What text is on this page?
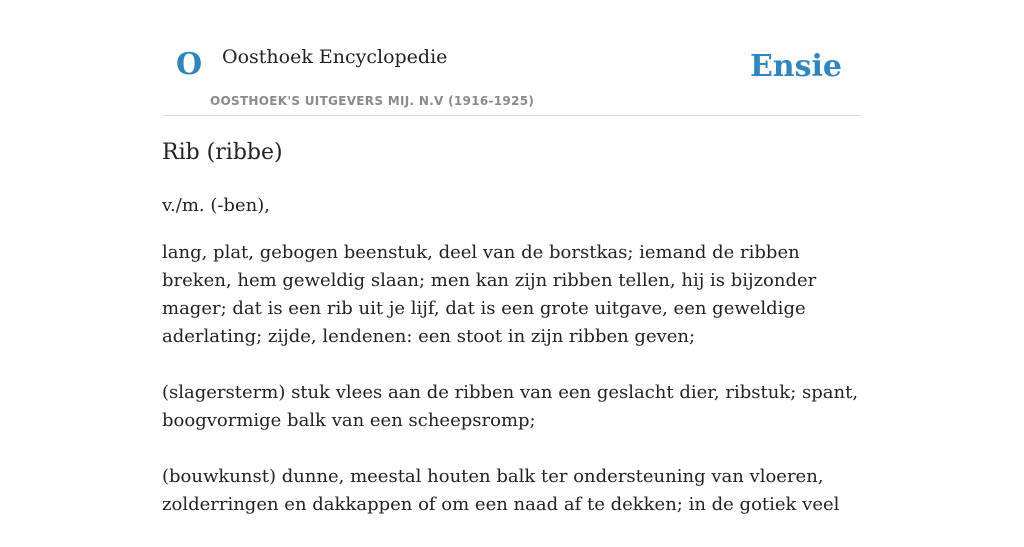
O Oosthoek Encyclopedie
OOSTHOEK'S UITGEVERS MIJ. N.V (1916-1925)
Ensie
Rib (ribbe)
v./m. (-ben),

lang, plat, gebogen beenstuk, deel van de borstkas; iemand de ribben breken, hem geweldig slaan; men kan zijn ribben tellen, hij is bijzonder mager; dat is een rib uit je lijf, dat is een grote uitgave, een geweldige aderlating; zijde, lendenen: een stoot in zijn ribben geven;

(slagersterm) stuk vlees aan de ribben van een geslacht dier, ribstuk; spant, boogvormige balk van een scheepsromp;

(bouwkunst) dunne, meestal houten balk ter ondersteuning van vloeren, zolderringen en dakkappen of om een naad af te dekken; in de gotiek veel
